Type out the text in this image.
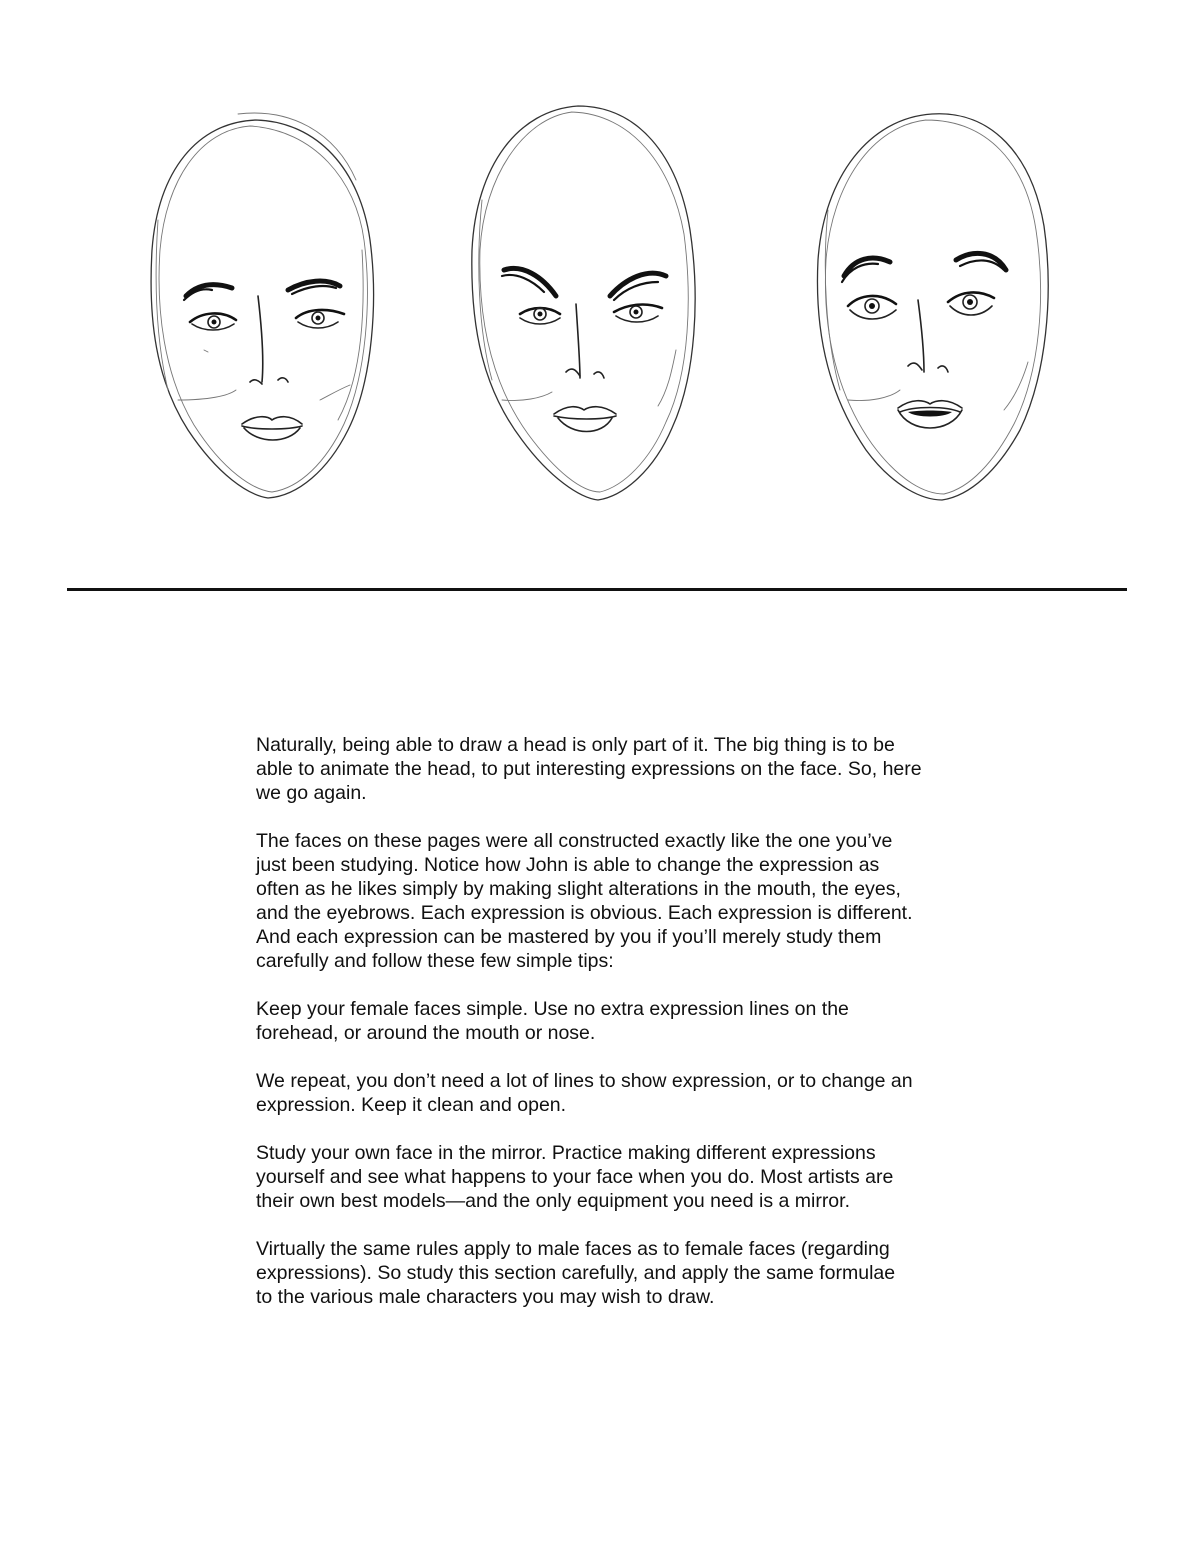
Naturally, being able to draw a head is only part of it. The big thing is to be
able to animate the head, to put interesting expressions on the face. So, here
we go again.

The faces on these pages were all constructed exactly like the one you’ve
just been studying. Notice how John is able to change the expression as
often as he likes simply by making slight alterations in the mouth, the eyes,
and the eyebrows. Each expression is obvious. Each expression is different.
And each expression can be mastered by you if you’ll merely study them
carefully and follow these few simple tips:

Keep your female faces simple. Use no extra expression lines on the
forehead, or around the mouth or nose.

We repeat, you don’t need a lot of lines to show expression, or to change an
expression. Keep it clean and open.

Study your own face in the mirror. Practice making different expressions
yourself and see what happens to your face when you do. Most artists are
their own best models—and the only equipment you need is a mirror.

Virtually the same rules apply to male faces as to female faces (regarding
expressions). So study this section carefully, and apply the same formulae
to the various male characters you may wish to draw.
